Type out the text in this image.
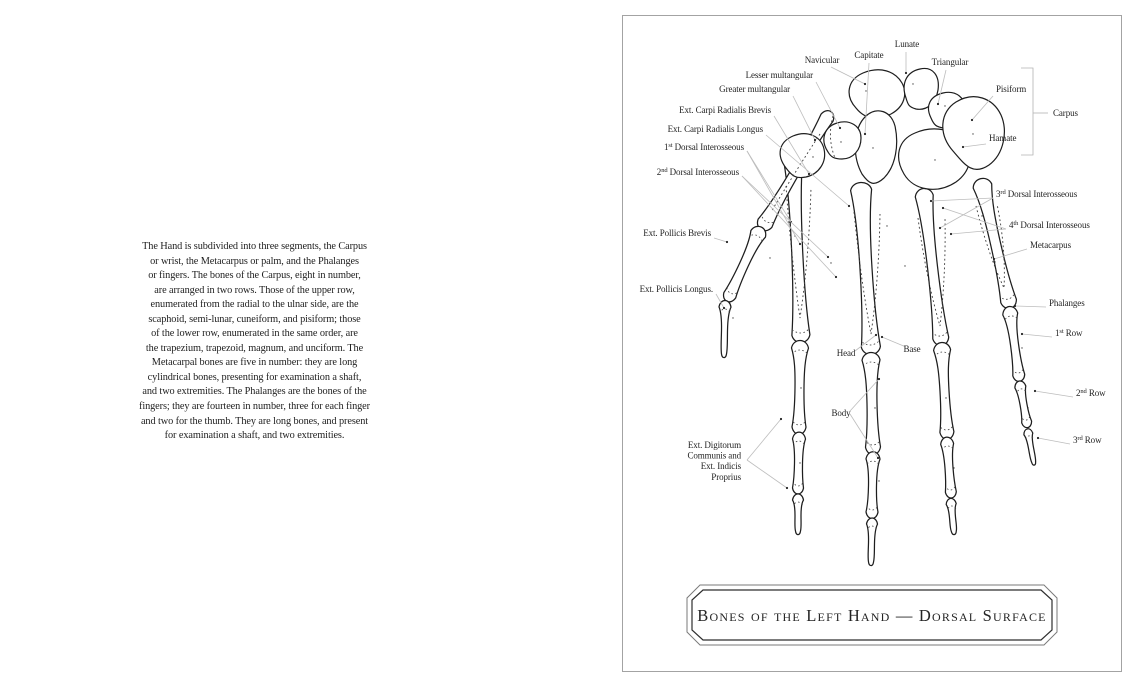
The Hand is subdivided into three segments, the Carpus
or wrist, the Metacarpus or palm, and the Phalanges
or fingers. The bones of the Carpus, eight in number,
are arranged in two rows. Those of the upper row,
enumerated from the radial to the ulnar side, are the
scaphoid, semi-lunar, cuneiform, and pisiform; those
of the lower row, enumerated in the same order, are
the trapezium, trapezoid, magnum, and unciform. The
Metacarpal bones are five in number: they are long
cylindrical bones, presenting for examination a shaft,
and two extremities. The Phalanges are the bones of the
fingers; they are fourteen in number, three for each finger
and two for the thumb. They are long bones, and present
for examination a shaft, and two extremities.
Lunate
Capitate
Navicular	Triangular
Lesser multangular
Greater multangular	Pisiform
Ext. Carpi Radialis Brevis
Ext. Carpi Radialis Longus
1st Dorsal Interosseous
2nd Dorsal Interosseous
Hamate
3rd Dorsal Interosseous
4th Dorsal Interosseous
Metacarpus
Ext. Pollicis Brevis
Ext. Pollicis Longus.
Phalanges
1st Row
2nd Row
3rd Row
Head	Base
Body
Ext. Digitorum Communis and Ext. Indicis Proprius
Carpus
Bones of the Left Hand — Dorsal Surface
